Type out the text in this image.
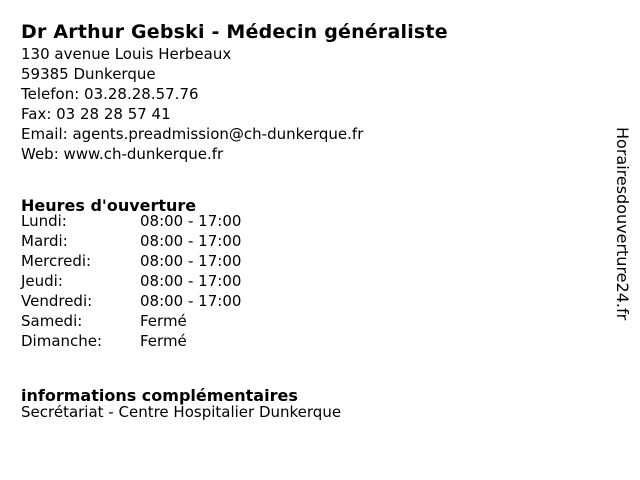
Dr Arthur Gebski - Médecin généraliste
130 avenue Louis Herbeaux
59385 Dunkerque
Telefon: 03.28.28.57.76
Fax: 03 28 28 57 41
Email: agents.preadmission@ch-dunkerque.fr
Web: www.ch-dunkerque.fr
Heures d'ouverture
Lundi:	08:00 - 17:00
Mardi:	08:00 - 17:00
Mercredi:	08:00 - 17:00
Jeudi:	08:00 - 17:00
Vendredi:	08:00 - 17:00
Samedi:	Fermé
Dimanche:	Fermé
informations complémentaires
Secrétariat - Centre Hospitalier Dunkerque
Horairesdouverture24.fr
